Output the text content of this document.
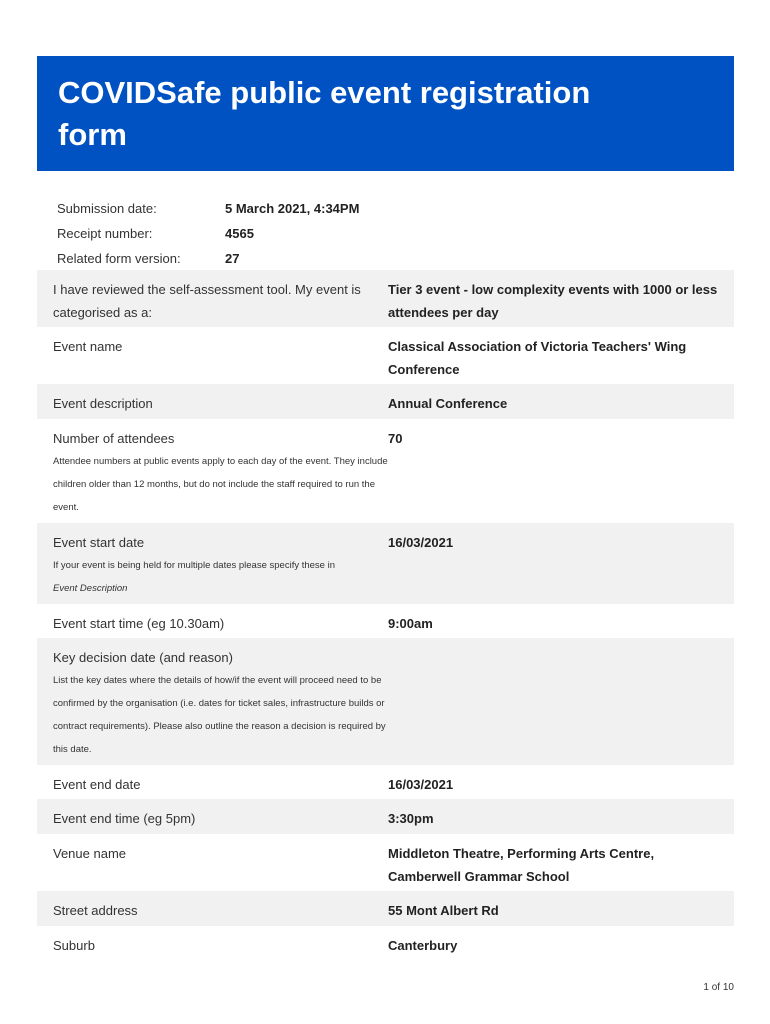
COVIDSafe public event registration form
Submission date:	5 March 2021, 4:34PM
Receipt number:	4565
Related form version:	27
I have reviewed the self-assessment tool. My event is categorised as a:
Tier 3 event - low complexity events with 1000 or less attendees per day
Event name	Classical Association of Victoria Teachers' Wing Conference
Event description	Annual Conference
Number of attendees	70
Attendee numbers at public events apply to each day of the event. They include children older than 12 months, but do not include the staff required to run the event.
Event start date	16/03/2021
If your event is being held for multiple dates please specify these in
Event Description
Event start time (eg 10.30am)	9:00am
Key decision date (and reason)
List the key dates where the details of how/if the event will proceed need to be confirmed by the organisation (i.e. dates for ticket sales, infrastructure builds or contract requirements). Please also outline the reason a decision is required by this date.
Event end date	16/03/2021
Event end time (eg 5pm)	3:30pm
Venue name	Middleton Theatre, Performing Arts Centre, Camberwell Grammar School
Street address	55 Mont Albert Rd
Suburb	Canterbury
1 of 10
